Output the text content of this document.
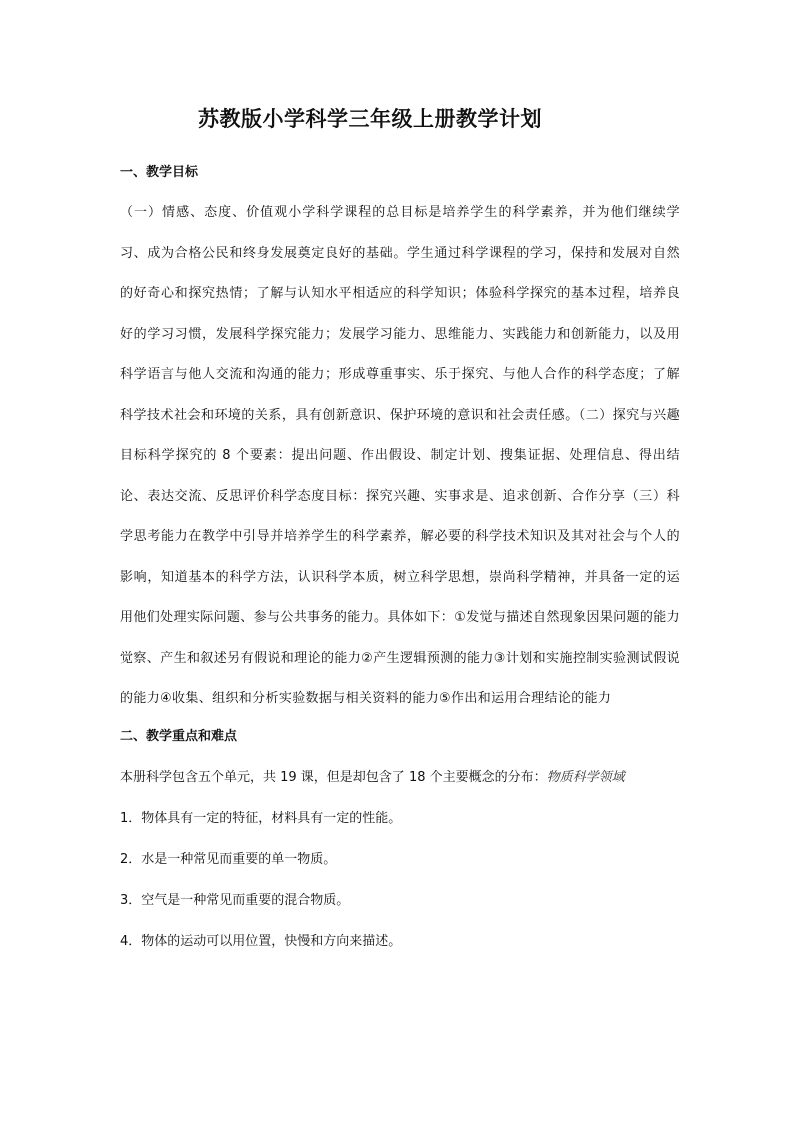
苏教版小学科学三年级上册教学计划

一、教学目标

（一）情感、态度、价值观小学科学课程的总目标是培养学生的科学素养，并为他们继续学习、成为合格公民和终身发展奠定良好的基础。学生通过科学课程的学习，保持和发展对自然的好奇心和探究热情；了解与认知水平相适应的科学知识；体验科学探究的基本过程，培养良好的学习习惯，发展科学探究能力；发展学习能力、思维能力、实践能力和创新能力，以及用科学语言与他人交流和沟通的能力；形成尊重事实、乐于探究、与他人合作的科学态度；了解科学技术社会和环境的关系，具有创新意识、保护环境的意识和社会责任感。（二）探究与兴趣目标科学探究的 8 个要素：提出问题、作出假设、制定计划、搜集证据、处理信息、得出结论、表达交流、反思评价科学态度目标：探究兴趣、实事求是、追求创新、合作分享（三）科学思考能力在教学中引导并培养学生的科学素养，解必要的科学技术知识及其对社会与个人的影响，知道基本的科学方法，认识科学本质，树立科学思想，崇尚科学精神，并具备一定的运用他们处理实际问题、参与公共事务的能力。具体如下：①发觉与描述自然现象因果问题的能力觉察、产生和叙述另有假说和理论的能力②产生逻辑预测的能力③计划和实施控制实验测试假说的能力④收集、组织和分析实验数据与相关资料的能力⑤作出和运用合理结论的能力

二、教学重点和难点

本册科学包含五个单元，共 19 课，但是却包含了 18 个主要概念的分布：物质科学领域

1．物体具有一定的特征，材料具有一定的性能。

2．水是一种常见而重要的单一物质。

3．空气是一种常见而重要的混合物质。

4．物体的运动可以用位置，快慢和方向来描述。
